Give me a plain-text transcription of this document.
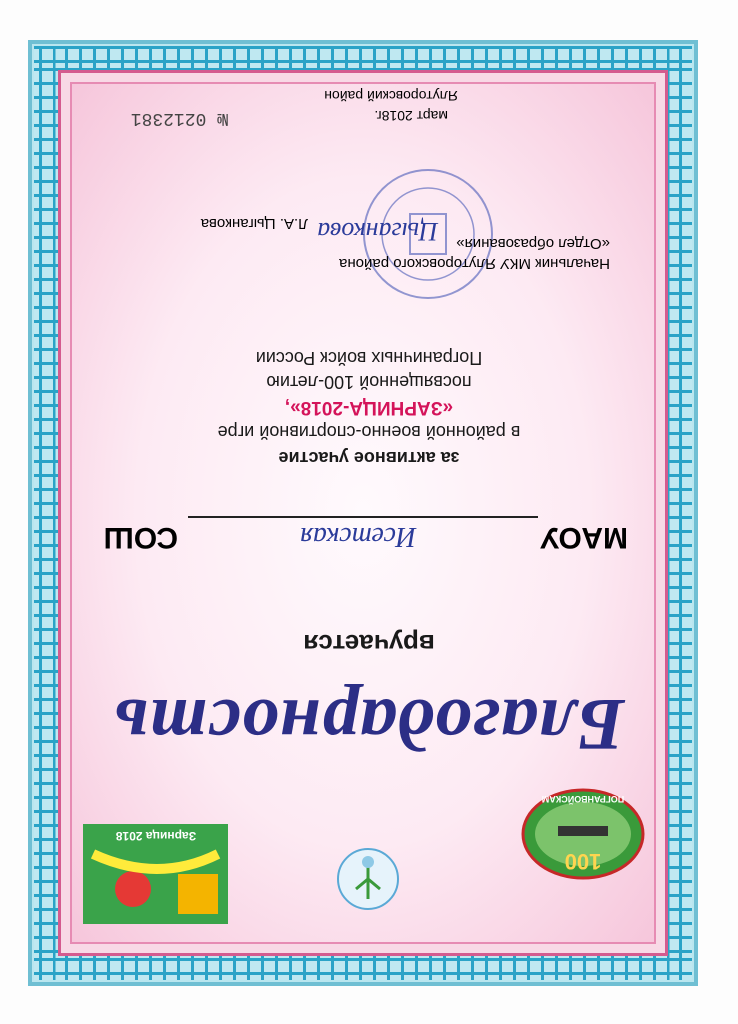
100
ПОГРАНВОЙСКАМ
Зарница 2018
Благодарность
вручается
МАОУ
Исетская
СОШ
за активное участие
в районной военно-спортивной игре
«ЗАРНИЦА-2018»,
посвященной 100-летию
Пограничных войск России
Начальник МКУ Ялуторовского района
«Отдел образования»
Цыганкова
Л.А. Цыганкова
март 2018г.
Ялуторовский район
№ 0212381
